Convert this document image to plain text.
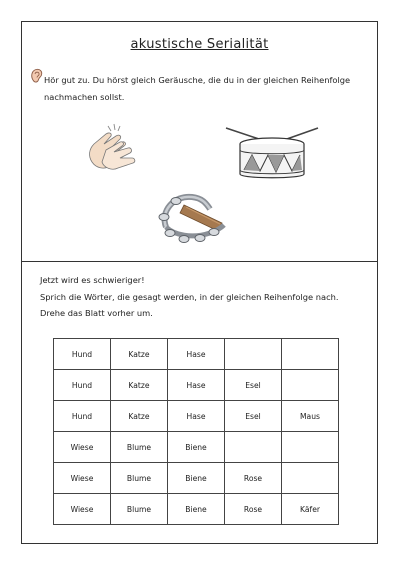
akustische Serialität
Hör gut zu. Du hörst gleich Geräusche, die du in der gleichen Reihenfolge
nachmachen sollst.
Jetzt wird es schwieriger!
Sprich die Wörter, die gesagt werden, in der gleichen Reihenfolge nach.
Drehe das Blatt vorher um.
Hund	Katze	Hase		
Hund	Katze	Hase	Esel	
Hund	Katze	Hase	Esel	Maus
Wiese	Blume	Biene		
Wiese	Blume	Biene	Rose	
Wiese	Blume	Biene	Rose	Käfer
